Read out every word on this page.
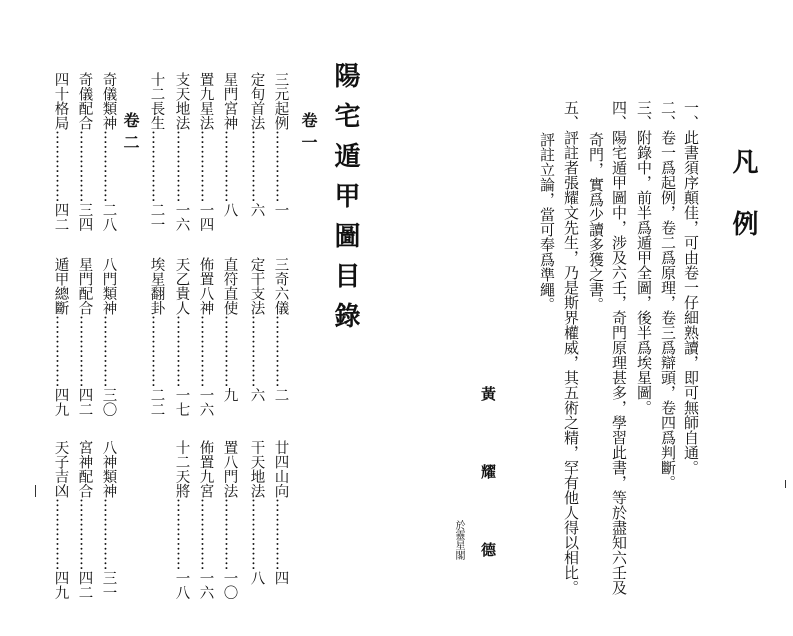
陽宅遁甲圖目錄
卷一
三元起例……………一
三奇六儀……………二
廿四山向……………四
定旬首法……………六
定干支法……………六
干天地法……………八
星門宮神……………八
直符直使……………九
置八門法……………一〇
置九星法……………一四
佈置八神……………一六
佈置九宮……………一六
支天地法……………一六
天乙貴人……………一七
十二天將……………一八
十二長生……………二一
埃星翻卦……………二二
卷二
奇儀類神……………二八
八門類神……………三〇
八神類神……………三一
奇儀配合……………三四
星門配合……………四二
宮神配合……………四二
四十格局……………四二
遁甲總斷……………四九
天子吉凶……………四九
凡例
一、此書須序顛佳，可由卷一仔細熟讀，即可無師自通。
二、卷一爲起例，卷二爲原理，卷三爲辯頭，卷四爲判斷。
三、附錄中，前半爲遁甲全圖，後半爲埃星圖。
四、陽宅遁甲圖中，涉及六壬，奇門原理甚多，學習此書，等於盡知六壬及
奇門，實爲少讀多獲之書。
五、評註者張耀文先生，乃是斯界權威，其五術之精，罕有他人得以相比。
評註立論，當可奉爲準繩。
黃　耀　德
於靈星閣
